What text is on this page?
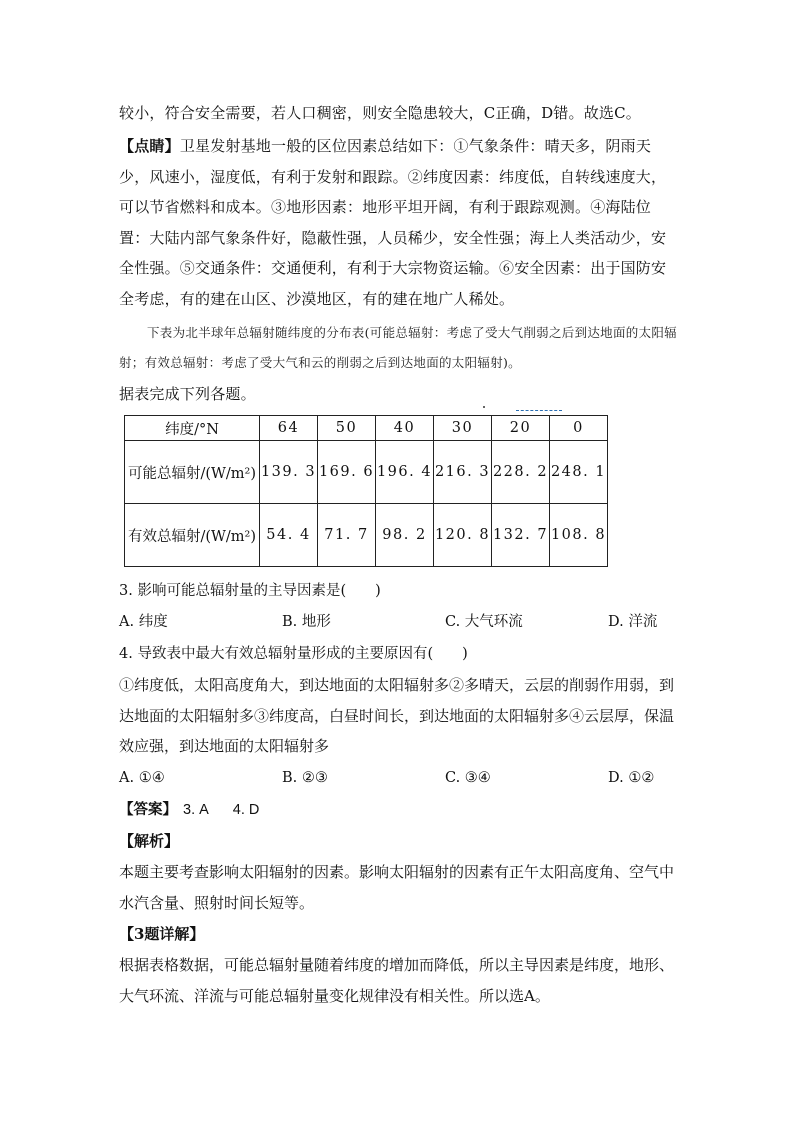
较小，符合安全需要，若人口稠密，则安全隐患较大，C正确，D错。故选C。
【点睛】卫星发射基地一般的区位因素总结如下：①气象条件：晴天多，阴雨天少，风速小，湿度低，有利于发射和跟踪。②纬度因素：纬度低，自转线速度大，可以节省燃料和成本。③地形因素：地形平坦开阔，有利于跟踪观测。④海陆位置：大陆内部气象条件好，隐蔽性强，人员稀少，安全性强；海上人类活动少，安全性强。⑤交通条件：交通便利，有利于大宗物资运输。⑥安全因素：出于国防安全考虑，有的建在山区、沙漠地区，有的建在地广人稀处。
下表为北半球年总辐射随纬度的分布表(可能总辐射：考虑了受大气削弱之后到达地面的太阳辐射；有效总辐射：考虑了受大气和云的削弱之后到达地面的太阳辐射)。
据表完成下列各题。
纬度/°N	64	50	40	30	20	0
可能总辐射/(W/m²)	139. 3	169. 6	196. 4	216. 3	228. 2	248. 1
有效总辐射/(W/m²)	54. 4	71. 7	98. 2	120. 8	132. 7	108. 8
3. 影响可能总辐射量的主导因素是(　　)
A. 纬度	B. 地形	C. 大气环流	D. 洋流
4. 导致表中最大有效总辐射量形成的主要原因有(　　)
①纬度低，太阳高度角大，到达地面的太阳辐射多②多晴天，云层的削弱作用弱，到达地面的太阳辐射多③纬度高，白昼时间长，到达地面的太阳辐射多④云层厚，保温效应强，到达地面的太阳辐射多
A. ①④	B. ②③	C. ③④	D. ①②
【答案】 3. A 4. D
【解析】
本题主要考查影响太阳辐射的因素。影响太阳辐射的因素有正午太阳高度角、空气中水汽含量、照射时间长短等。
【3题详解】
根据表格数据，可能总辐射量随着纬度的增加而降低，所以主导因素是纬度，地形、大气环流、洋流与可能总辐射量变化规律没有相关性。所以选A。
